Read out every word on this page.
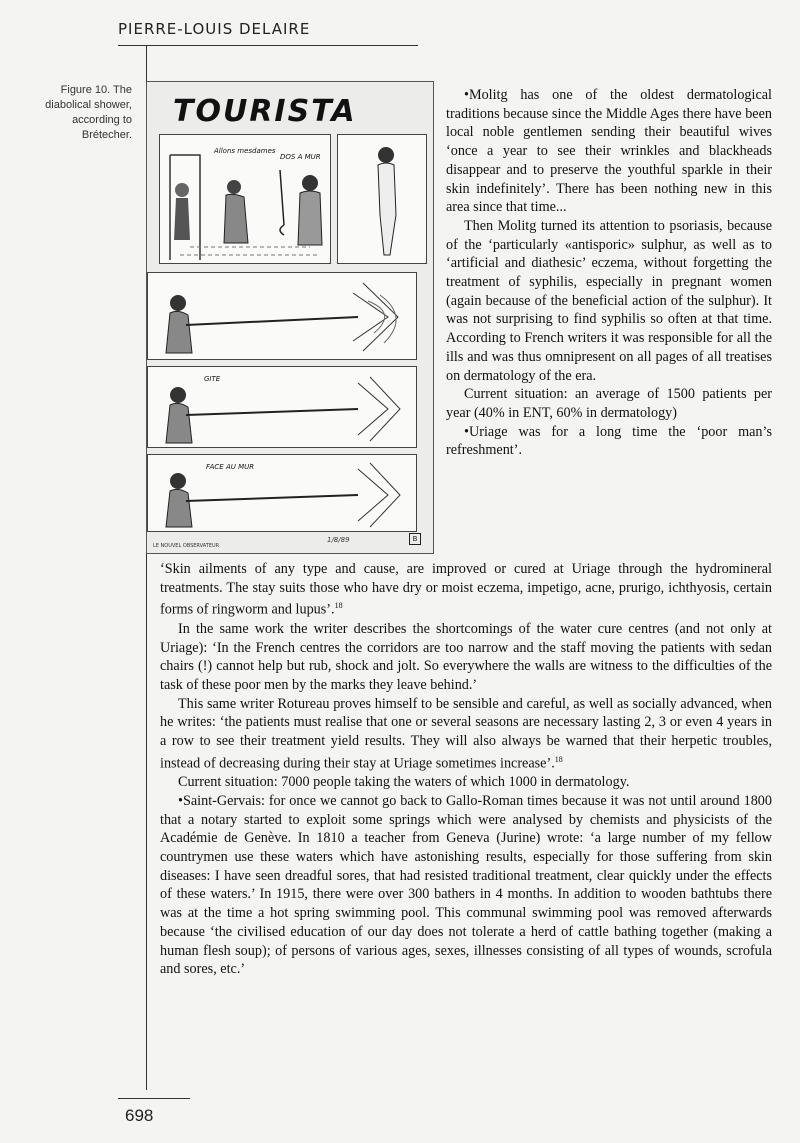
PIERRE-LOUIS DELAIRE
Figure 10. The
diabolical shower,
according to
Brétecher.
TOURISTA
Allons mesdames
DOS A MUR
GITE
FACE AU MUR
LE NOUVEL OBSERVATEUR
1/8/89	B

•Molitg has one of the oldest dermatological traditions because since the Middle Ages there have been local noble gentlemen sending their beautiful wives ‘once a year to see their wrinkles and blackheads disappear and to preserve the youthful sparkle in their skin indefinitely’. There has been nothing new in this area since that time...

Then Molitg turned its attention to psoriasis, because of the ‘particularly «antisporic» sulphur, as well as to ‘artificial and diathesic’ eczema, without forgetting the treatment of syphilis, especially in pregnant women (again because of the beneficial action of the sulphur). It was not surprising to find syphilis so often at that time. According to French writers it was responsible for all the ills and was thus omnipresent on all pages of all treatises on dermatology of the era.

Current situation: an average of 1500 patients per year (40% in ENT, 60% in dermatology)

•Uriage was for a long time the ‘poor man’s refreshment’.

‘Skin ailments of any type and cause, are improved or cured at Uriage through the hydromineral treatments. The stay suits those who have dry or moist eczema, impetigo, acne, prurigo, ichthyosis, certain forms of ringworm and lupus’.$^{18}$

In the same work the writer describes the shortcomings of the water cure centres (and not only at Uriage): ‘In the French centres the corridors are too narrow and the staff moving the patients with sedan chairs (!) cannot help but rub, shock and jolt. So everywhere the walls are witness to the difficulties of the task of these poor men by the marks they leave behind.’

This same writer Rotureau proves himself to be sensible and careful, as well as socially advanced, when he writes: ‘the patients must realise that one or several seasons are necessary lasting 2, 3 or even 4 years in a row to see their treatment yield results. They will also always be warned that their herpetic troubles, instead of decreasing during their stay at Uriage sometimes increase’.$^{18}$

Current situation: 7000 people taking the waters of which 1000 in dermatology.

•Saint-Gervais: for once we cannot go back to Gallo-Roman times because it was not until around 1800 that a notary started to exploit some springs which were analysed by chemists and physicists of the Académie de Genève. In 1810 a teacher from Geneva (Jurine) wrote: ‘a large number of my fellow countrymen use these waters which have astonishing results, especially for those suffering from skin diseases: I have seen dreadful sores, that had resisted traditional treatment, clear quickly under the effects of these waters.’ In 1915, there were over 300 bathers in 4 months. In addition to wooden bathtubs there was at the time a hot spring swimming pool. This communal swimming pool was removed afterwards because ‘the civilised education of our day does not tolerate a herd of cattle bathing together (making a human flesh soup); of persons of various ages, sexes, illnesses consisting of all types of wounds, scrofula and sores, etc.’

698
